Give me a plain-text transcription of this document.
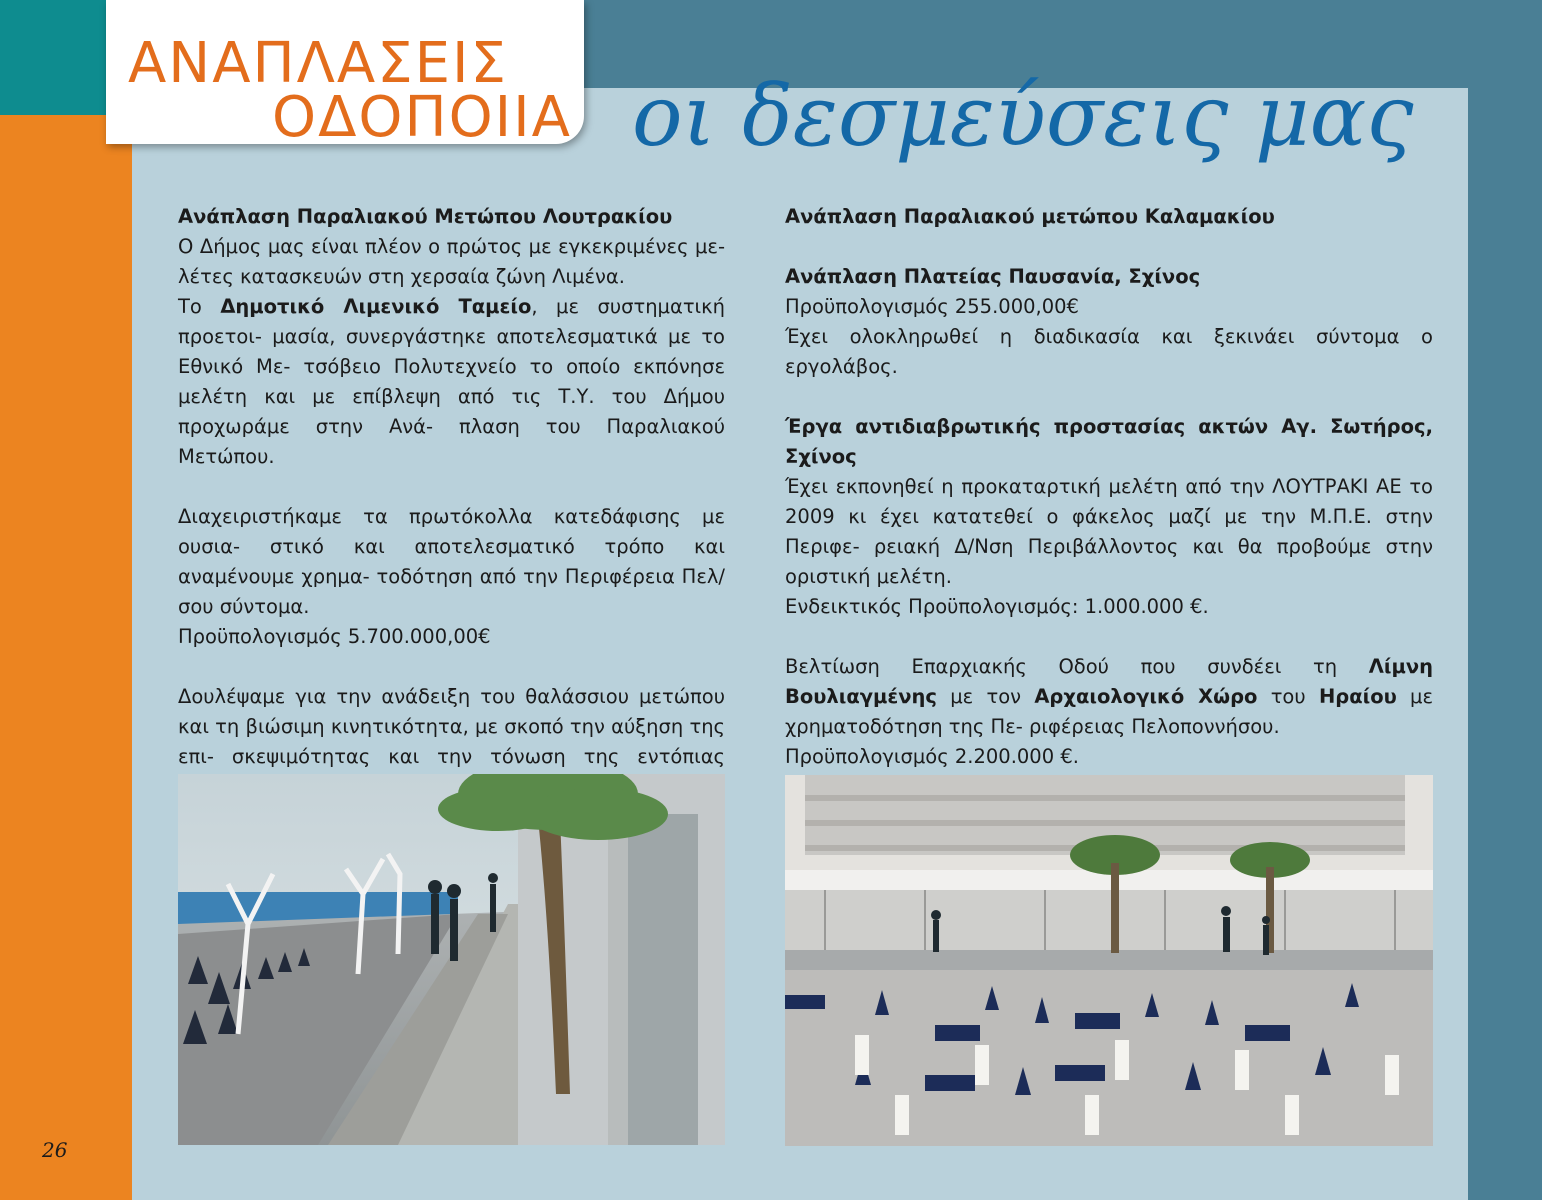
ΑΝΑΠΛΑΣΕΙΣ
ΟΔΟΠΟΙΙΑ οι δεσμεύσεις μας

Ανάπλαση Παραλιακού Μετώπου Λουτρακίου

Ο Δήμος μας είναι πλέον ο πρώτος με εγκεκριμένες με- λέτες κατασκευών στη χερσαία ζώνη Λιμένα.

Το Δημοτικό Λιμενικό Ταμείο, με συστηματική προετοι- μασία, συνεργάστηκε αποτελεσματικά με το Εθνικό Με- τσόβειο Πολυτεχνείο το οποίο εκπόνησε μελέτη και με επίβλεψη από τις Τ.Υ. του Δήμου προχωράμε στην Ανά- πλαση του Παραλιακού Μετώπου.

Διαχειριστήκαμε τα πρωτόκολλα κατεδάφισης με ουσια- στικό και αποτελεσματικό τρόπο και αναμένουμε χρημα- τοδότηση από την Περιφέρεια Πελ/σου σύντομα.

Προϋπολογισμός 5.700.000,00€

Δουλέψαμε για την ανάδειξη του θαλάσσιου μετώπου και τη βιώσιμη κινητικότητα, με σκοπό την αύξηση της επι- σκεψιμότητας και την τόνωση της εντόπιας

Ανάπλαση Παραλιακού μετώπου Καλαμακίου

Ανάπλαση Πλατείας Παυσανία, Σχίνος

Προϋπολογισμός 255.000,00€

Έχει ολοκληρωθεί η διαδικασία και ξεκινάει σύντομα ο εργολάβος.

Έργα αντιδιαβρωτικής προστασίας ακτών Αγ. Σωτήρος, Σχίνος

Έχει εκπονηθεί η προκαταρτική μελέτη από την ΛΟΥΤΡΑΚΙ ΑΕ το 2009 κι έχει κατατεθεί ο φάκελος μαζί με την Μ.Π.Ε. στην Περιφε- ρειακή Δ/Νση Περιβάλλοντος και θα προβούμε στην οριστική μελέτη.

Ενδεικτικός Προϋπολογισμός: 1.000.000 €.

Βελτίωση Επαρχιακής Οδού που συνδέει τη Λίμνη Βουλιαγμένης με τον Αρχαιολογικό Χώρο του Ηραίου με χρηματοδότηση της Πε- ριφέρειας Πελοποννήσου.

Προϋπολογισμός 2.200.000 €.

26
